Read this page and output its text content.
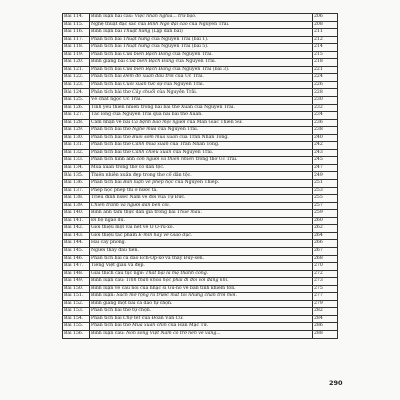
Bài 114.	Bình luận hai câu: Việc nhân nghĩa... trừ bạo.	206
Bài 115.	Nghệ thuật đặc sắc của Bình Ngô đại cáo của Nguyễn Trãi.	208
Bài 116.	Bình luận bài Thuật hứng (Lập dàn bài)	211
Bài 117.	Phân tích bài Thuật hứng của Nguyễn Trãi (bài 1).	212
Bài 118.	Phân tích bài Thuật hứng của Nguyễn Trãi (bài 5).	214
Bài 119.	Phân tích bài Cửa biển Bạch Đằng của Nguyễn Trãi.	215
Bài 120.	Bình giảng bài Cửa biển Bạch Đằng của Nguyễn Trãi.	218
Bài 121.	Phân tích bài Cửa biển Bạch Đằng của Nguyễn Trãi (bài 3).	221
Bài 122.	Phân tích bài Đêm đỗ xuân đầu trời của Ức Trai.	224
Bài 123.	Phân tích bài Cuối xuân tức sự của Nguyễn Trãi.	226
Bài 124.	Phân tích bài thơ Cây chuối của Nguyễn Trãi.	228
Bài 125.	Về chất ngọc Ức Trai.	230
Bài 126.	Tình yêu thiên nhiên trong hai bài thơ Xuân của Nguyễn Trãi.	232
Bài 127.	Tấc lòng của Nguyễn Trãi qua hai bài thơ Xuân.	234
Bài 128.	Cảm nhận về bài Cá bệnh báo mọi người của Mãn Giác Thiền Sư.	236
Bài 129.	Phân tích bài thơ Nghe mưa của Nguyễn Trãi.	238
Bài 130.	Phân tích bài thơ Buổi sớm mùa xuân của Trần Nhân Tông.	240
Bài 131.	Phân tích bài thơ Cảnh mùa xuân của Trần Nhân Tông.	242
Bài 132.	Phân tích bài thơ Cảnh chiều xuân của Nguyễn Trãi.	243
Bài 133.	Phân tích hình ảnh con người và thiên nhiên trong thơ Ức Trai.	245
Bài 134.	Mùa xuân trong thơ cổ dân tộc.	247
Bài 135.	Thiên nhiên xuân đẹp trong thơ cổ dân tộc.	249
Bài 136.	Phân tích bài Bàn luận về phép học của Nguyễn Thiếp.	251
Bài 137.	Phép học phép thi ở nước ta.	253
Bài 138.	Triều đình nước Nam về đời vua Tự Đức.	255
Bài 139.	Chiến tranh và người dân bên cõi.	257
Bài 140.	Bình ảnh tấm thực dân giả trong bài Thuế máu.	259
Bài 141.	Đi bộ ngao du.	260
Bài 142.	Giới thiệu một vài nét về Ô Ô-ru-xô.	262
Bài 143.	Giới thiệu tác phẩm Ê-min hay về Giáo dục.	264
Bài 144.	Hai cây phong.	266
Bài 145.	Người thầy đầu tiên.	267
Bài 146.	Phân tích bài ca dao Ếch-Ốp-xơ và thầy Đuy-sen.	268
Bài 147.	Tiếng Việt giàu và đẹp.	270
Bài 148.	Giải thích câu tục ngữ: Thất bại là mẹ thành công.	272
Bài 149.	Bình luận câu: Tinh thần khoa học phải đi đôi với đảng khí.	273
Bài 150.	Bình luận về câu nói của nhạc sĩ Gu-nô về bản tính khiêm tốn.	275
Bài 151.	Bình luận: Sách mở rộng ra trước mắt tôi những chân trời mới.	277
Bài 152.	Bình giảng một bài ca dao tự chọn.	279
Bài 153.	Phân tích bài thơ tự chọn.	282
Bài 154.	Phân tích bài Chợ tết của Đoàn Văn Cừ.	284
Bài 155.	Phân tích bài thơ Mùa xuân chín của Hàn Mặc Tử.	286
Bài 156.	Bình luận câu: Non sông Việt Nam có trở nên vẻ vang...	288
290
